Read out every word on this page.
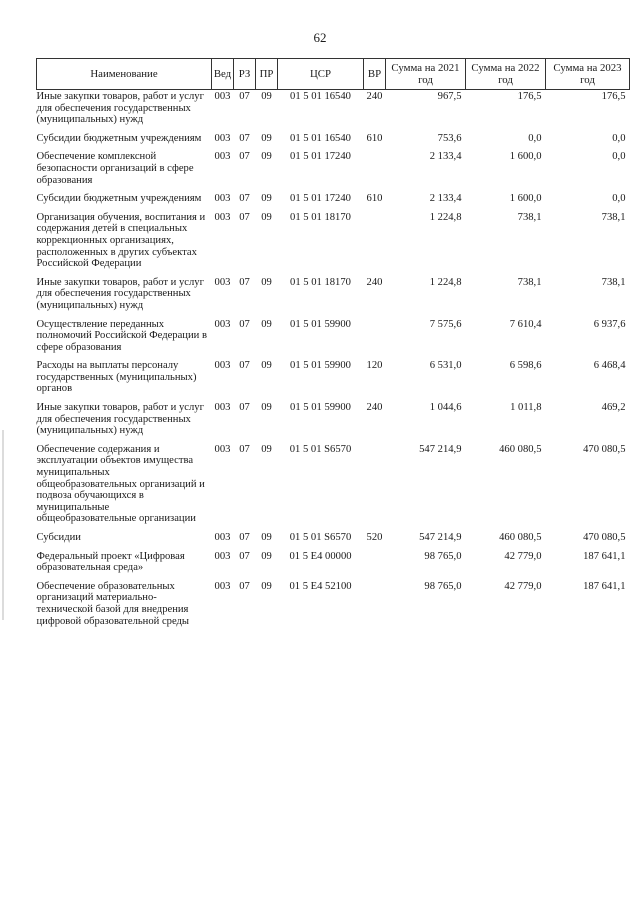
62
Наименование	Вед	РЗ	ПР	ЦСР	ВР	Сумма на 2021 год	Сумма на 2022 год	Сумма на 2023 год
Иные закупки товаров, работ и услуг для обеспечения государственных (муниципальных) нужд	003	07	09	01 5 01 16540	240	967,5	176,5	176,5
Субсидии бюджетным учреждениям	003	07	09	01 5 01 16540	610	753,6	0,0	0,0
Обеспечение комплексной безопасности организаций в сфере образования	003	07	09	01 5 01 17240		2 133,4	1 600,0	0,0
Субсидии бюджетным учреждениям	003	07	09	01 5 01 17240	610	2 133,4	1 600,0	0,0
Организация обучения, воспитания и содержания детей в специальных коррекционных организациях, расположенных в других субъектах Российской Федерации	003	07	09	01 5 01 18170		1 224,8	738,1	738,1
Иные закупки товаров, работ и услуг для обеспечения государственных (муниципальных) нужд	003	07	09	01 5 01 18170	240	1 224,8	738,1	738,1
Осуществление переданных полномочий Российской Федерации в сфере образования	003	07	09	01 5 01 59900		7 575,6	7 610,4	6 937,6
Расходы на выплаты персоналу государственных (муниципальных) органов	003	07	09	01 5 01 59900	120	6 531,0	6 598,6	6 468,4
Иные закупки товаров, работ и услуг для обеспечения государственных (муниципальных) нужд	003	07	09	01 5 01 59900	240	1 044,6	1 011,8	469,2
Обеспечение содержания и эксплуатации объектов имущества муниципальных общеобразовательных организаций и подвоза обучающихся в муниципальные общеобразовательные организации	003	07	09	01 5 01 S6570		547 214,9	460 080,5	470 080,5
Субсидии	003	07	09	01 5 01 S6570	520	547 214,9	460 080,5	470 080,5
Федеральный проект «Цифровая образовательная среда»	003	07	09	01 5 E4 00000		98 765,0	42 779,0	187 641,1
Обеспечение образовательных организаций материально-технической базой для внедрения цифровой образовательной среды	003	07	09	01 5 E4 52100		98 765,0	42 779,0	187 641,1
